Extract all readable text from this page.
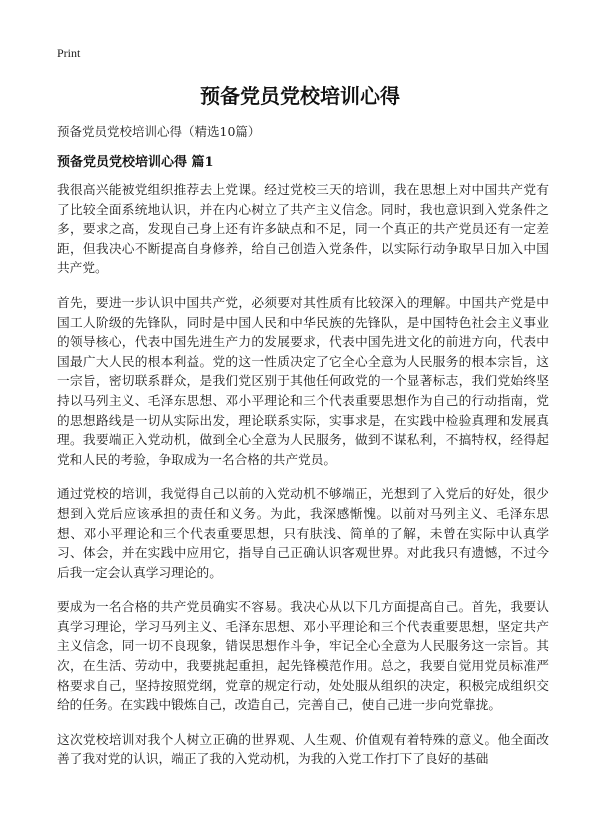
Print
预备党员党校培训心得
预备党员党校培训心得（精选10篇）
预备党员党校培训心得 篇1

我很高兴能被党组织推荐去上党课。经过党校三天的培训，我在思想上对中国共产党有了比较全面系统地认识，并在内心树立了共产主义信念。同时，我也意识到入党条件之多，要求之高，发现自己身上还有许多缺点和不足，同一个真正的共产党员还有一定差距，但我决心不断提高自身修养，给自己创造入党条件，以实际行动争取早日加入中国共产党。

首先，要进一步认识中国共产党，必须要对其性质有比较深入的理解。中国共产党是中国工人阶级的先锋队，同时是中国人民和中华民族的先锋队，是中国特色社会主义事业的领导核心，代表中国先进生产力的发展要求，代表中国先进文化的前进方向，代表中国最广大人民的根本利益。党的这一性质决定了它全心全意为人民服务的根本宗旨，这一宗旨，密切联系群众，是我们党区别于其他任何政党的一个显著标志，我们党始终坚持以马列主义、毛泽东思想、邓小平理论和三个代表重要思想作为自己的行动指南，党的思想路线是一切从实际出发，理论联系实际，实事求是，在实践中检验真理和发展真理。我要端正入党动机，做到全心全意为人民服务，做到不谋私利，不搞特权，经得起党和人民的考验，争取成为一名合格的共产党员。

通过党校的培训，我觉得自己以前的入党动机不够端正，光想到了入党后的好处，很少想到入党后应该承担的责任和义务。为此，我深感惭愧。以前对马列主义、毛泽东思想、邓小平理论和三个代表重要思想，只有肤浅、简单的了解，未曾在实际中认真学习、体会，并在实践中应用它，指导自己正确认识客观世界。对此我只有遗憾，不过今后我一定会认真学习理论的。

要成为一名合格的共产党员确实不容易。我决心从以下几方面提高自己。首先，我要认真学习理论，学习马列主义、毛泽东思想、邓小平理论和三个代表重要思想，坚定共产主义信念，同一切不良现象，错误思想作斗争，牢记全心全意为人民服务这一宗旨。其次，在生活、劳动中，我要挑起重担，起先锋模范作用。总之，我要自觉用党员标准严格要求自己，坚持按照党纲，党章的规定行动，处处服从组织的决定，积极完成组织交给的任务。在实践中锻炼自己，改造自己，完善自己，使自己进一步向党靠拢。

这次党校培训对我个人树立正确的世界观、人生观、价值观有着特殊的意义。他全面改善了我对党的认识，端正了我的入党动机，为我的入党工作打下了良好的基础
